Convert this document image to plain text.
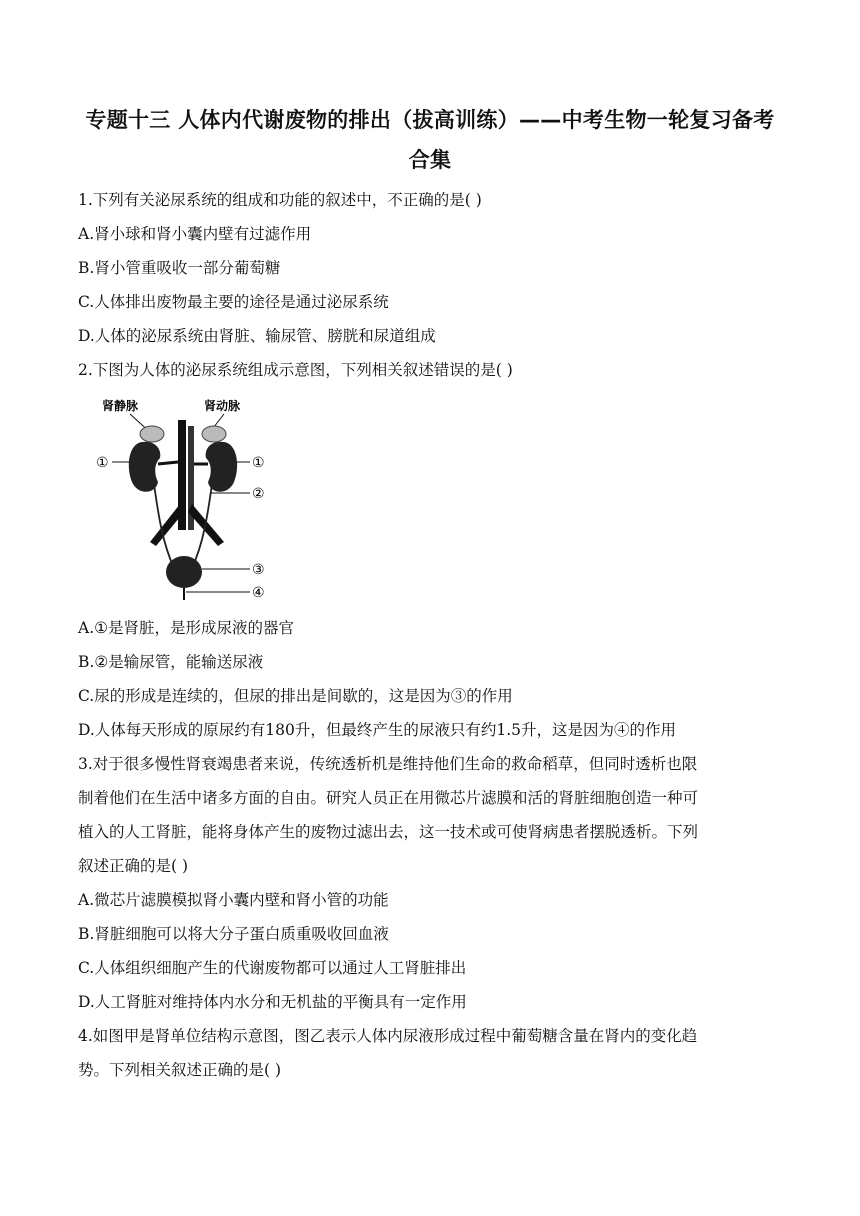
专题十三 人体内代谢废物的排出（拔高训练）——中考生物一轮复习备考
合集
1.下列有关泌尿系统的组成和功能的叙述中，不正确的是( )
A.肾小球和肾小囊内壁有过滤作用
B.肾小管重吸收一部分葡萄糖
C.人体排出废物最主要的途径是通过泌尿系统
D.人体的泌尿系统由肾脏、输尿管、膀胱和尿道组成
2.下图为人体的泌尿系统组成示意图，下列相关叙述错误的是( )
肾静脉	肾动脉
①	①
②
③
④
A.①是肾脏，是形成尿液的器官
B.②是输尿管，能输送尿液
C.尿的形成是连续的，但尿的排出是间歇的，这是因为③的作用
D.人体每天形成的原尿约有180升，但最终产生的尿液只有约1.5升，这是因为④的作用
3.对于很多慢性肾衰竭患者来说，传统透析机是维持他们生命的救命稻草，但同时透析也限
制着他们在生活中诸多方面的自由。研究人员正在用微芯片滤膜和活的肾脏细胞创造一种可
植入的人工肾脏，能将身体产生的废物过滤出去，这一技术或可使肾病患者摆脱透析。下列
叙述正确的是( )
A.微芯片滤膜模拟肾小囊内壁和肾小管的功能
B.肾脏细胞可以将大分子蛋白质重吸收回血液
C.人体组织细胞产生的代谢废物都可以通过人工肾脏排出
D.人工肾脏对维持体内水分和无机盐的平衡具有一定作用
4.如图甲是肾单位结构示意图，图乙表示人体内尿液形成过程中葡萄糖含量在肾内的变化趋
势。下列相关叙述正确的是( )
